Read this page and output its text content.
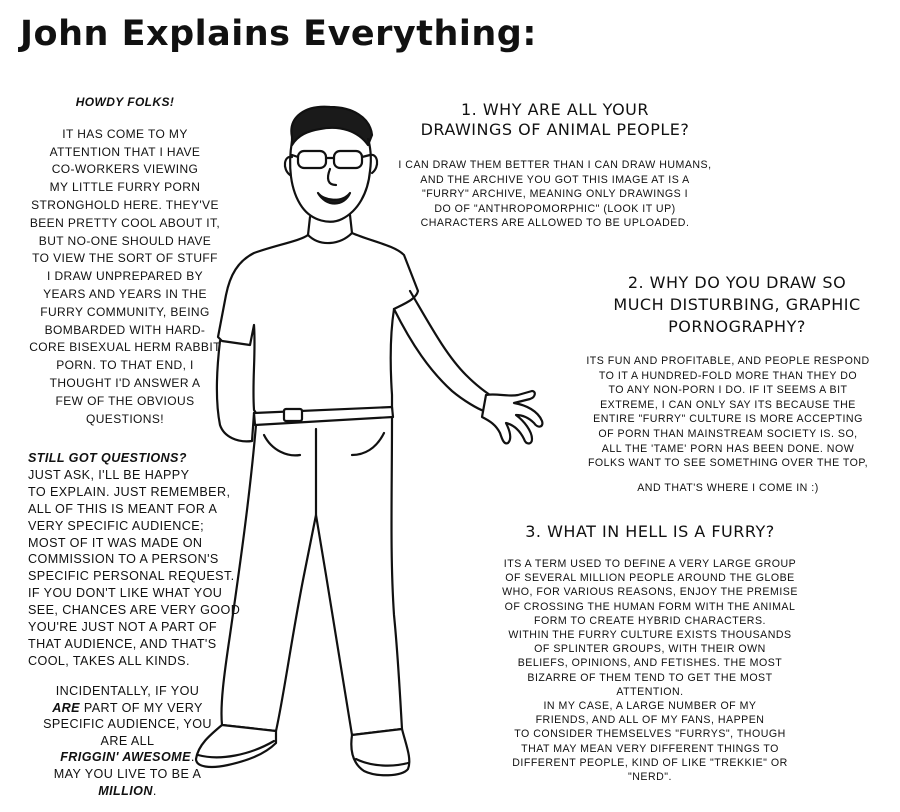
John Explains Everything:
HOWDY FOLKS!
IT HAS COME TO MY
ATTENTION THAT I HAVE
CO-WORKERS VIEWING
MY LITTLE FURRY PORN
STRONGHOLD HERE. THEY'VE
BEEN PRETTY COOL ABOUT IT,
BUT NO-ONE SHOULD HAVE
TO VIEW THE SORT OF STUFF
I DRAW UNPREPARED BY
YEARS AND YEARS IN THE
FURRY COMMUNITY, BEING
BOMBARDED WITH HARD-
CORE BISEXUAL HERM RABBIT
PORN. TO THAT END, I
THOUGHT I'D ANSWER A
FEW OF THE OBVIOUS
QUESTIONS!
STILL GOT QUESTIONS?
JUST ASK, I'LL BE HAPPY
TO EXPLAIN. JUST REMEMBER,
ALL OF THIS IS MEANT FOR A
VERY SPECIFIC AUDIENCE;
MOST OF IT WAS MADE ON
COMMISSION TO A PERSON'S
SPECIFIC PERSONAL REQUEST.
IF YOU DON'T LIKE WHAT YOU
SEE, CHANCES ARE VERY GOOD
YOU'RE JUST NOT A PART OF
THAT AUDIENCE, AND THAT'S
COOL, TAKES ALL KINDS.
INCIDENTALLY, IF YOU
ARE PART OF MY VERY
SPECIFIC AUDIENCE, YOU
ARE ALL
FRIGGIN' AWESOME.
MAY YOU LIVE TO BE A
MILLION.
1. WHY ARE ALL YOUR
DRAWINGS OF ANIMAL PEOPLE?
I CAN DRAW THEM BETTER THAN I CAN DRAW HUMANS,
AND THE ARCHIVE YOU GOT THIS IMAGE AT IS A
"FURRY" ARCHIVE, MEANING ONLY DRAWINGS I
DO OF "ANTHROPOMORPHIC" (LOOK IT UP)
CHARACTERS ARE ALLOWED TO BE UPLOADED.
2. WHY DO YOU DRAW SO
MUCH DISTURBING, GRAPHIC
PORNOGRAPHY?
ITS FUN AND PROFITABLE, AND PEOPLE RESPOND
TO IT A HUNDRED-FOLD MORE THAN THEY DO
TO ANY NON-PORN I DO. IF IT SEEMS A BIT
EXTREME, I CAN ONLY SAY ITS BECAUSE THE
ENTIRE "FURRY" CULTURE IS MORE ACCEPTING
OF PORN THAN MAINSTREAM SOCIETY IS. SO,
ALL THE 'TAME' PORN HAS BEEN DONE. NOW
FOLKS WANT TO SEE SOMETHING OVER THE TOP,
AND THAT'S WHERE I COME IN :)
3. WHAT IN HELL IS A FURRY?
ITS A TERM USED TO DEFINE A VERY LARGE GROUP
OF SEVERAL MILLION PEOPLE AROUND THE GLOBE
WHO, FOR VARIOUS REASONS, ENJOY THE PREMISE
OF CROSSING THE HUMAN FORM WITH THE ANIMAL
FORM TO CREATE HYBRID CHARACTERS.
WITHIN THE FURRY CULTURE EXISTS THOUSANDS
OF SPLINTER GROUPS, WITH THEIR OWN
BELIEFS, OPINIONS, AND FETISHES. THE MOST
BIZARRE OF THEM TEND TO GET THE MOST
ATTENTION.
IN MY CASE, A LARGE NUMBER OF MY
FRIENDS, AND ALL OF MY FANS, HAPPEN
TO CONSIDER THEMSELVES "FURRYS", THOUGH
THAT MAY MEAN VERY DIFFERENT THINGS TO
DIFFERENT PEOPLE, KIND OF LIKE "TREKKIE" OR
"NERD".
